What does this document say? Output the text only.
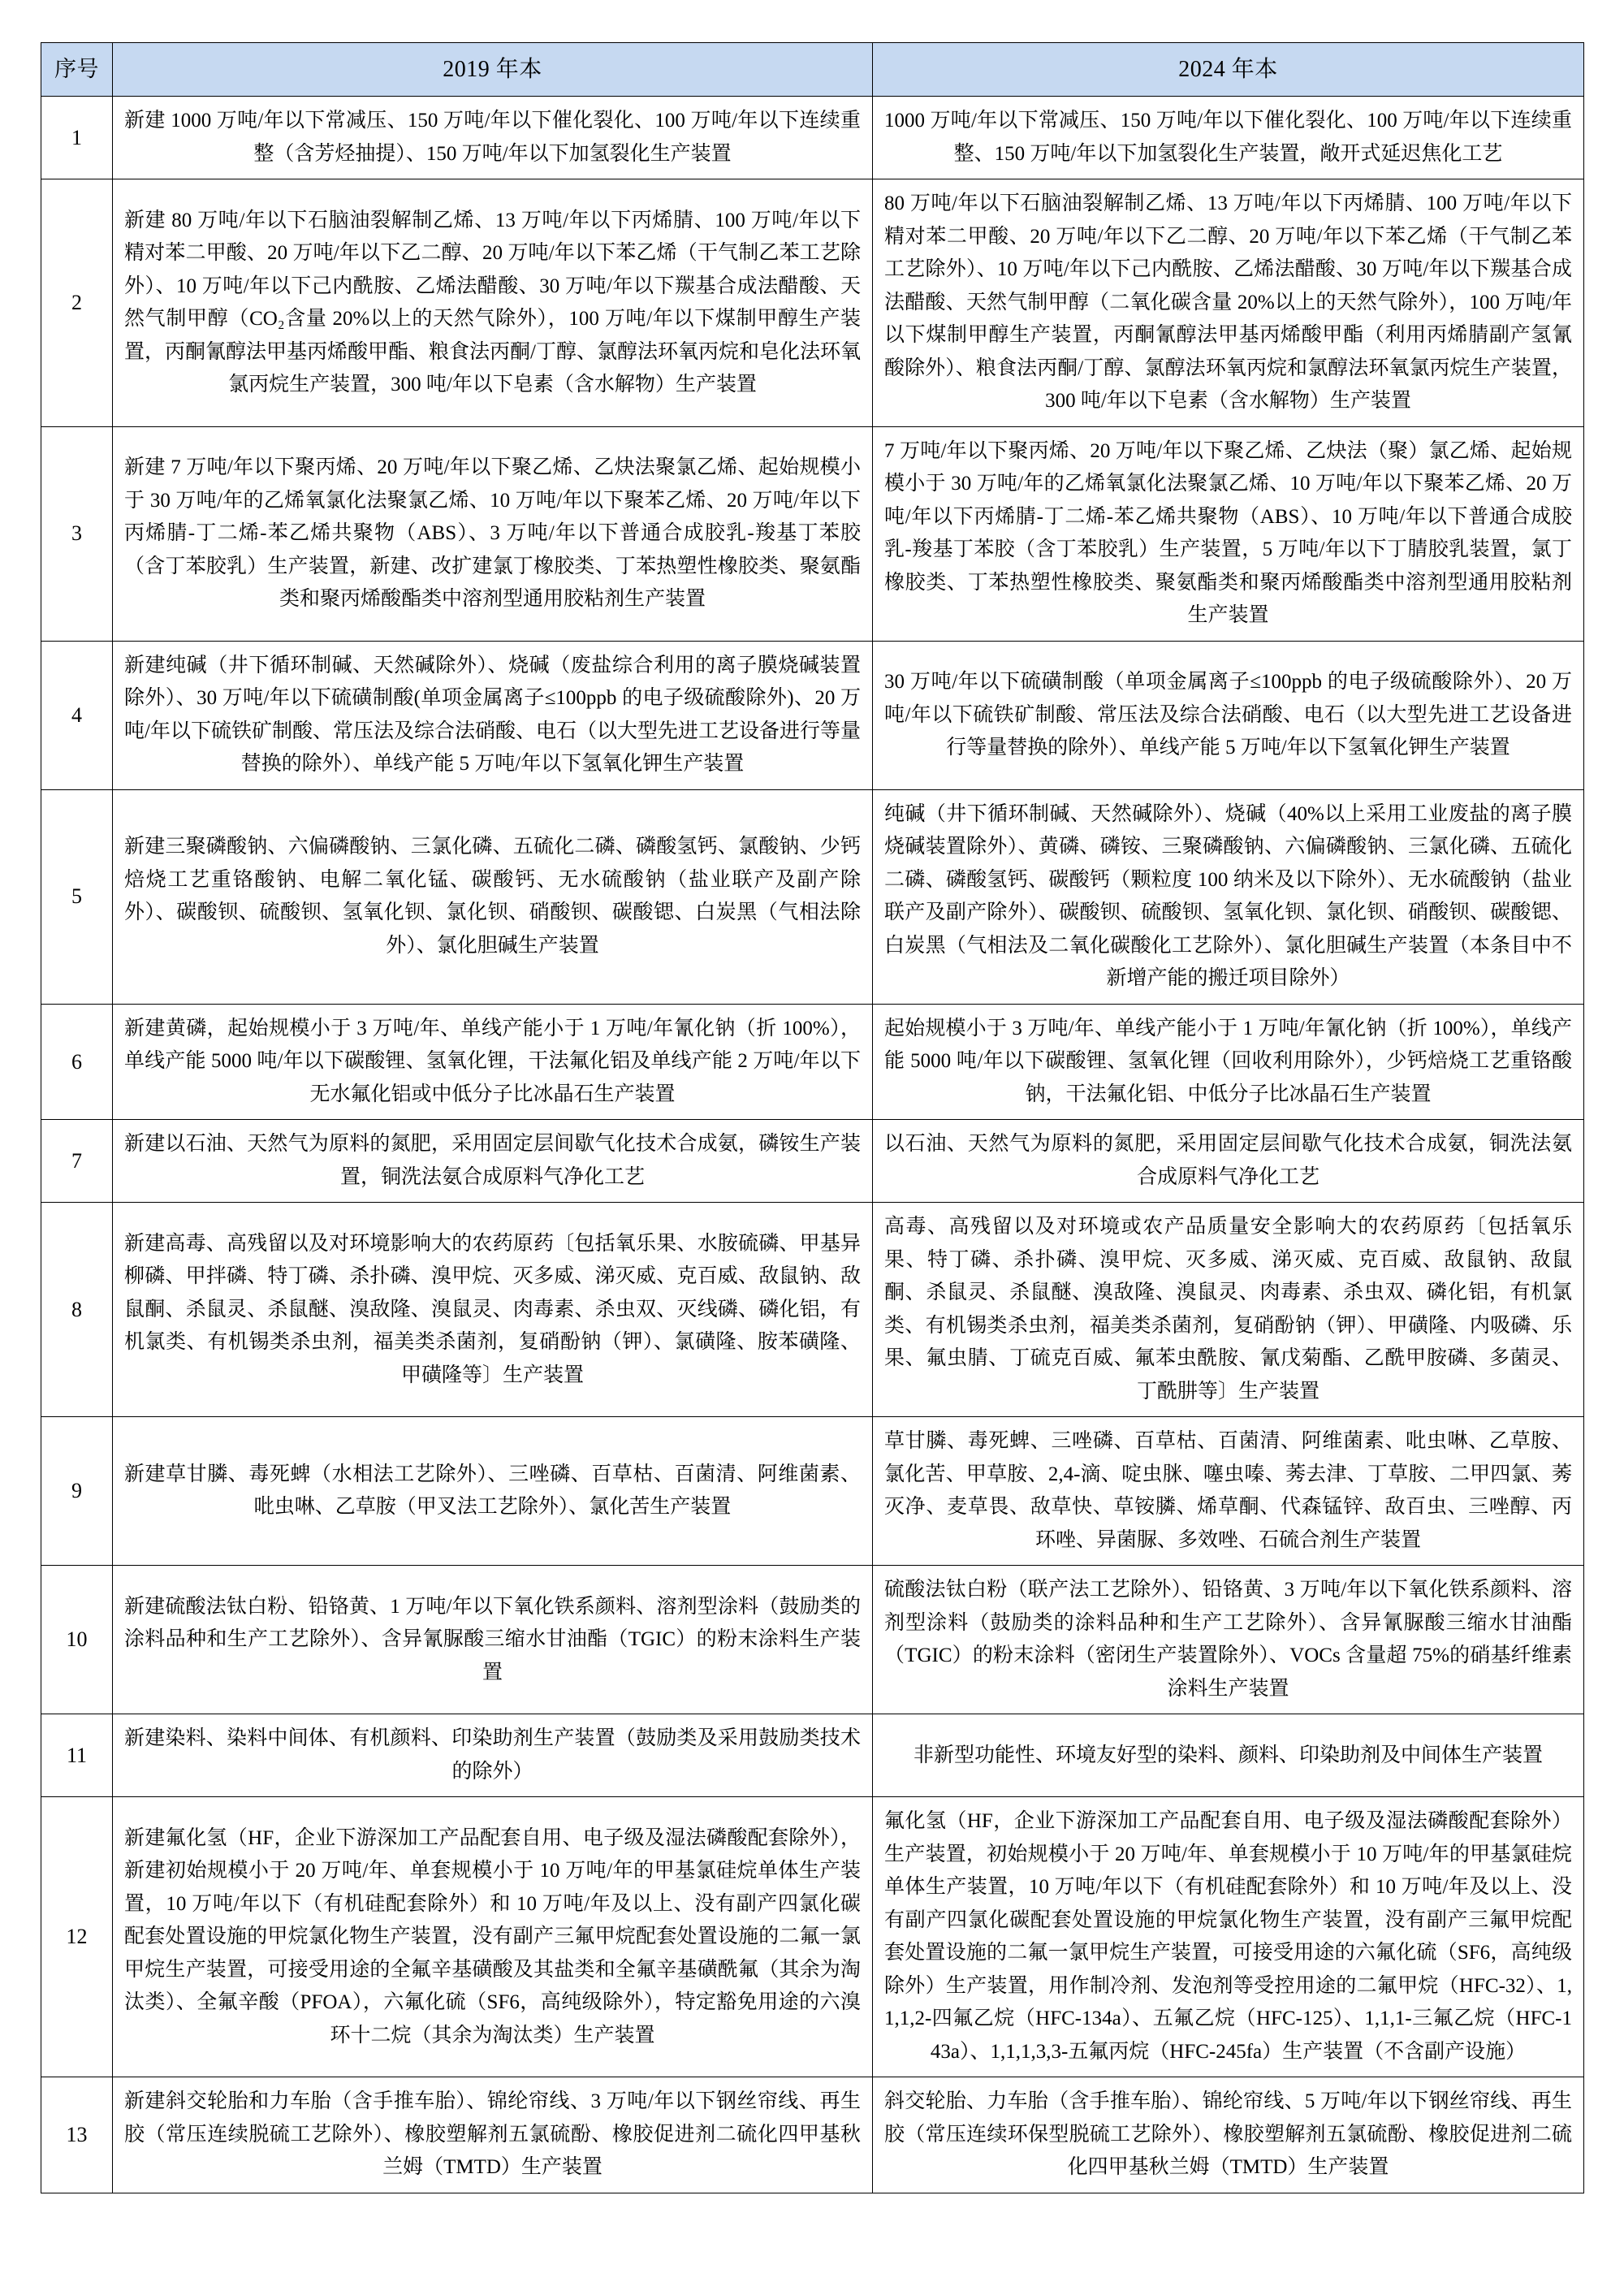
序号	2019 年本	2024 年本
1	新建 1000 万吨/年以下常减压、150 万吨/年以下催化裂化、100 万吨/年以下连续重整（含芳烃抽提）、150 万吨/年以下加氢裂化生产装置	1000 万吨/年以下常减压、150 万吨/年以下催化裂化、100 万吨/年以下连续重整、150 万吨/年以下加氢裂化生产装置，敞开式延迟焦化工艺
2	新建 80 万吨/年以下石脑油裂解制乙烯、13 万吨/年以下丙烯腈、100 万吨/年以下精对苯二甲酸、20 万吨/年以下乙二醇、20 万吨/年以下苯乙烯（干气制乙苯工艺除外）、10 万吨/年以下己内酰胺、乙烯法醋酸、30 万吨/年以下羰基合成法醋酸、天然气制甲醇（CO₂含量 20%以上的天然气除外），100 万吨/年以下煤制甲醇生产装置，丙酮氰醇法甲基丙烯酸甲酯、粮食法丙酮/丁醇、氯醇法环氧丙烷和皂化法环氧氯丙烷生产装置，300 吨/年以下皂素（含水解物）生产装置	80 万吨/年以下石脑油裂解制乙烯、13 万吨/年以下丙烯腈、100 万吨/年以下精对苯二甲酸、20 万吨/年以下乙二醇、20 万吨/年以下苯乙烯（干气制乙苯工艺除外）、10 万吨/年以下己内酰胺、乙烯法醋酸、30 万吨/年以下羰基合成法醋酸、天然气制甲醇（二氧化碳含量 20%以上的天然气除外），100 万吨/年以下煤制甲醇生产装置，丙酮氰醇法甲基丙烯酸甲酯（利用丙烯腈副产氢氰酸除外）、粮食法丙酮/丁醇、氯醇法环氧丙烷和氯醇法环氧氯丙烷生产装置，300 吨/年以下皂素（含水解物）生产装置
3	新建 7 万吨/年以下聚丙烯、20 万吨/年以下聚乙烯、乙炔法聚氯乙烯、起始规模小于 30 万吨/年的乙烯氧氯化法聚氯乙烯、10 万吨/年以下聚苯乙烯、20 万吨/年以下丙烯腈-丁二烯-苯乙烯共聚物（ABS）、3 万吨/年以下普通合成胶乳-羧基丁苯胶（含丁苯胶乳）生产装置，新建、改扩建氯丁橡胶类、丁苯热塑性橡胶类、聚氨酯类和聚丙烯酸酯类中溶剂型通用胶粘剂生产装置	7 万吨/年以下聚丙烯、20 万吨/年以下聚乙烯、乙炔法（聚）氯乙烯、起始规模小于 30 万吨/年的乙烯氧氯化法聚氯乙烯、10 万吨/年以下聚苯乙烯、20 万吨/年以下丙烯腈-丁二烯-苯乙烯共聚物（ABS）、10 万吨/年以下普通合成胶乳-羧基丁苯胶（含丁苯胶乳）生产装置，5 万吨/年以下丁腈胶乳装置，氯丁橡胶类、丁苯热塑性橡胶类、聚氨酯类和聚丙烯酸酯类中溶剂型通用胶粘剂生产装置
4	新建纯碱（井下循环制碱、天然碱除外）、烧碱（废盐综合利用的离子膜烧碱装置除外）、30 万吨/年以下硫磺制酸(单项金属离子≤100ppb 的电子级硫酸除外)、20 万吨/年以下硫铁矿制酸、常压法及综合法硝酸、电石（以大型先进工艺设备进行等量替换的除外）、单线产能 5 万吨/年以下氢氧化钾生产装置	30 万吨/年以下硫磺制酸（单项金属离子≤100ppb 的电子级硫酸除外）、20 万吨/年以下硫铁矿制酸、常压法及综合法硝酸、电石（以大型先进工艺设备进行等量替换的除外）、单线产能 5 万吨/年以下氢氧化钾生产装置
5	新建三聚磷酸钠、六偏磷酸钠、三氯化磷、五硫化二磷、磷酸氢钙、氯酸钠、少钙焙烧工艺重铬酸钠、电解二氧化锰、碳酸钙、无水硫酸钠（盐业联产及副产除外）、碳酸钡、硫酸钡、氢氧化钡、氯化钡、硝酸钡、碳酸锶、白炭黑（气相法除外）、氯化胆碱生产装置	纯碱（井下循环制碱、天然碱除外）、烧碱（40%以上采用工业废盐的离子膜烧碱装置除外）、黄磷、磷铵、三聚磷酸钠、六偏磷酸钠、三氯化磷、五硫化二磷、磷酸氢钙、碳酸钙（颗粒度 100 纳米及以下除外）、无水硫酸钠（盐业联产及副产除外）、碳酸钡、硫酸钡、氢氧化钡、氯化钡、硝酸钡、碳酸锶、白炭黑（气相法及二氧化碳酸化工艺除外）、氯化胆碱生产装置（本条目中不新增产能的搬迁项目除外）
6	新建黄磷，起始规模小于 3 万吨/年、单线产能小于 1 万吨/年氰化钠（折 100%），单线产能 5000 吨/年以下碳酸锂、氢氧化锂，干法氟化铝及单线产能 2 万吨/年以下无水氟化铝或中低分子比冰晶石生产装置	起始规模小于 3 万吨/年、单线产能小于 1 万吨/年氰化钠（折 100%），单线产能 5000 吨/年以下碳酸锂、氢氧化锂（回收利用除外），少钙焙烧工艺重铬酸钠，干法氟化铝、中低分子比冰晶石生产装置
7	新建以石油、天然气为原料的氮肥，采用固定层间歇气化技术合成氨，磷铵生产装置，铜洗法氨合成原料气净化工艺	以石油、天然气为原料的氮肥，采用固定层间歇气化技术合成氨，铜洗法氨合成原料气净化工艺
8	新建高毒、高残留以及对环境影响大的农药原药〔包括氧乐果、水胺硫磷、甲基异柳磷、甲拌磷、特丁磷、杀扑磷、溴甲烷、灭多威、涕灭威、克百威、敌鼠钠、敌鼠酮、杀鼠灵、杀鼠醚、溴敌隆、溴鼠灵、肉毒素、杀虫双、灭线磷、磷化铝，有机氯类、有机锡类杀虫剂，福美类杀菌剂，复硝酚钠（钾）、氯磺隆、胺苯磺隆、甲磺隆等〕生产装置	高毒、高残留以及对环境或农产品质量安全影响大的农药原药〔包括氧乐果、特丁磷、杀扑磷、溴甲烷、灭多威、涕灭威、克百威、敌鼠钠、敌鼠酮、杀鼠灵、杀鼠醚、溴敌隆、溴鼠灵、肉毒素、杀虫双、磷化铝，有机氯类、有机锡类杀虫剂，福美类杀菌剂，复硝酚钠（钾）、甲磺隆、内吸磷、乐果、氟虫腈、丁硫克百威、氟苯虫酰胺、氰戊菊酯、乙酰甲胺磷、多菌灵、丁酰肼等〕生产装置
9	新建草甘膦、毒死蜱（水相法工艺除外）、三唑磷、百草枯、百菌清、阿维菌素、吡虫啉、乙草胺（甲叉法工艺除外）、氯化苦生产装置	草甘膦、毒死蜱、三唑磷、百草枯、百菌清、阿维菌素、吡虫啉、乙草胺、氯化苦、甲草胺、2,4-滴、啶虫脒、噻虫嗪、莠去津、丁草胺、二甲四氯、莠灭净、麦草畏、敌草快、草铵膦、烯草酮、代森锰锌、敌百虫、三唑醇、丙环唑、异菌脲、多效唑、石硫合剂生产装置
10	新建硫酸法钛白粉、铅铬黄、1 万吨/年以下氧化铁系颜料、溶剂型涂料（鼓励类的涂料品种和生产工艺除外）、含异氰脲酸三缩水甘油酯（TGIC）的粉末涂料生产装置	硫酸法钛白粉（联产法工艺除外）、铅铬黄、3 万吨/年以下氧化铁系颜料、溶剂型涂料（鼓励类的涂料品种和生产工艺除外）、含异氰脲酸三缩水甘油酯（TGIC）的粉末涂料（密闭生产装置除外）、VOCs 含量超 75%的硝基纤维素涂料生产装置
11	新建染料、染料中间体、有机颜料、印染助剂生产装置（鼓励类及采用鼓励类技术的除外）	非新型功能性、环境友好型的染料、颜料、印染助剂及中间体生产装置
12	新建氟化氢（HF，企业下游深加工产品配套自用、电子级及湿法磷酸配套除外），新建初始规模小于 20 万吨/年、单套规模小于 10 万吨/年的甲基氯硅烷单体生产装置，10 万吨/年以下（有机硅配套除外）和 10 万吨/年及以上、没有副产四氯化碳配套处置设施的甲烷氯化物生产装置，没有副产三氟甲烷配套处置设施的二氟一氯甲烷生产装置，可接受用途的全氟辛基磺酸及其盐类和全氟辛基磺酰氟（其余为淘汰类）、全氟辛酸（PFOA），六氟化硫（SF6，高纯级除外），特定豁免用途的六溴环十二烷（其余为淘汰类）生产装置	氟化氢（HF，企业下游深加工产品配套自用、电子级及湿法磷酸配套除外）生产装置，初始规模小于 20 万吨/年、单套规模小于 10 万吨/年的甲基氯硅烷单体生产装置，10 万吨/年以下（有机硅配套除外）和 10 万吨/年及以上、没有副产四氯化碳配套处置设施的甲烷氯化物生产装置，没有副产三氟甲烷配套处置设施的二氟一氯甲烷生产装置，可接受用途的六氟化硫（SF6，高纯级除外）生产装置，用作制冷剂、发泡剂等受控用途的二氟甲烷（HFC-32）、1,1,1,2-四氟乙烷（HFC-134a）、五氟乙烷（HFC-125）、1,1,1-三氟乙烷（HFC-143a）、1,1,1,3,3-五氟丙烷（HFC-245fa）生产装置（不含副产设施）
13	新建斜交轮胎和力车胎（含手推车胎）、锦纶帘线、3 万吨/年以下钢丝帘线、再生胶（常压连续脱硫工艺除外）、橡胶塑解剂五氯硫酚、橡胶促进剂二硫化四甲基秋兰姆（TMTD）生产装置	斜交轮胎、力车胎（含手推车胎）、锦纶帘线、5 万吨/年以下钢丝帘线、再生胶（常压连续环保型脱硫工艺除外）、橡胶塑解剂五氯硫酚、橡胶促进剂二硫化四甲基秋兰姆（TMTD）生产装置
